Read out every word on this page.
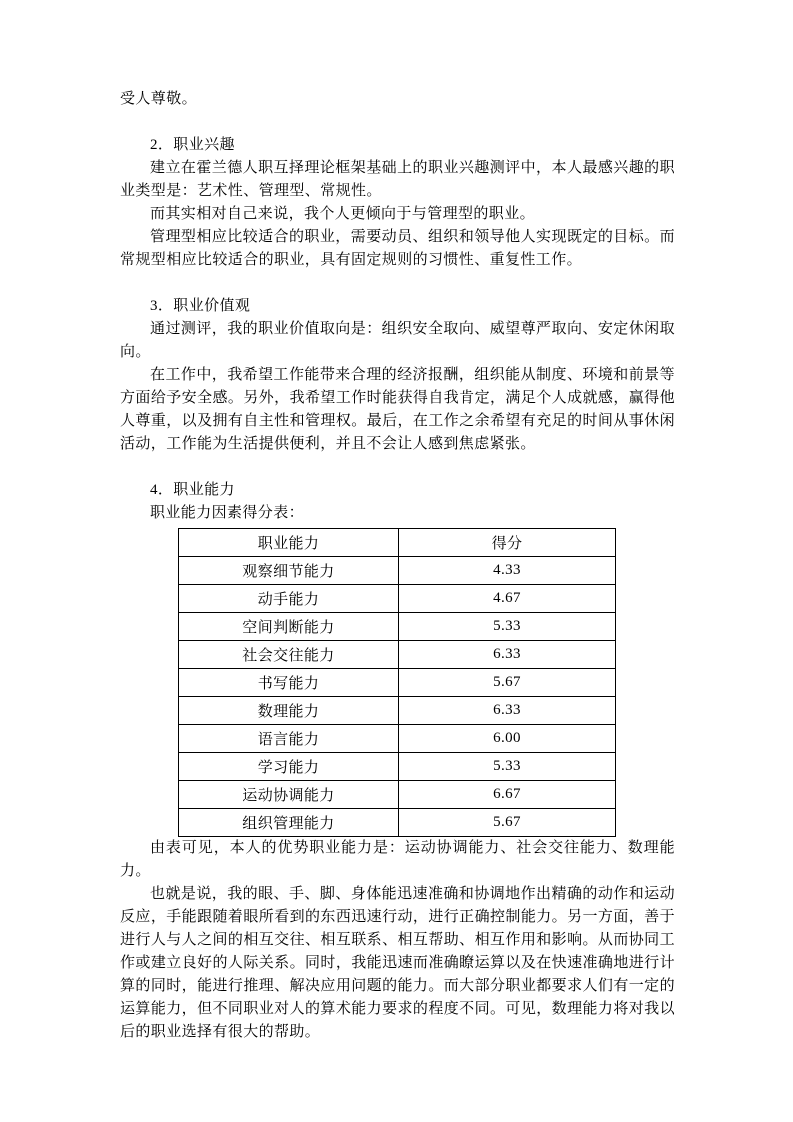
受人尊敬。

2．职业兴趣

建立在霍兰德人职互择理论框架基础上的职业兴趣测评中，本人最感兴趣的职业类型是：艺术性、管理型、常规性。

而其实相对自己来说，我个人更倾向于与管理型的职业。

管理型相应比较适合的职业，需要动员、组织和领导他人实现既定的目标。而常规型相应比较适合的职业，具有固定规则的习惯性、重复性工作。

3．职业价值观

通过测评，我的职业价值取向是：组织安全取向、威望尊严取向、安定休闲取向。

在工作中，我希望工作能带来合理的经济报酬，组织能从制度、环境和前景等方面给予安全感。另外，我希望工作时能获得自我肯定，满足个人成就感，赢得他人尊重，以及拥有自主性和管理权。最后，在工作之余希望有充足的时间从事休闲活动，工作能为生活提供便利，并且不会让人感到焦虑紧张。

4．职业能力

职业能力因素得分表：

职业能力	得分
观察细节能力	4.33
动手能力	4.67
空间判断能力	5.33
社会交往能力	6.33
书写能力	5.67
数理能力	6.33
语言能力	6.00
学习能力	5.33
运动协调能力	6.67
组织管理能力	5.67

由表可见，本人的优势职业能力是：运动协调能力、社会交往能力、数理能力。

也就是说，我的眼、手、脚、身体能迅速准确和协调地作出精确的动作和运动反应，手能跟随着眼所看到的东西迅速行动，进行正确控制能力。另一方面，善于进行人与人之间的相互交往、相互联系、相互帮助、相互作用和影响。从而协同工作或建立良好的人际关系。同时，我能迅速而准确瞭运算以及在快速准确地进行计算的同时，能进行推理、解决应用问题的能力。而大部分职业都要求人们有一定的运算能力，但不同职业对人的算术能力要求的程度不同。可见，数理能力将对我以后的职业选择有很大的帮助。
